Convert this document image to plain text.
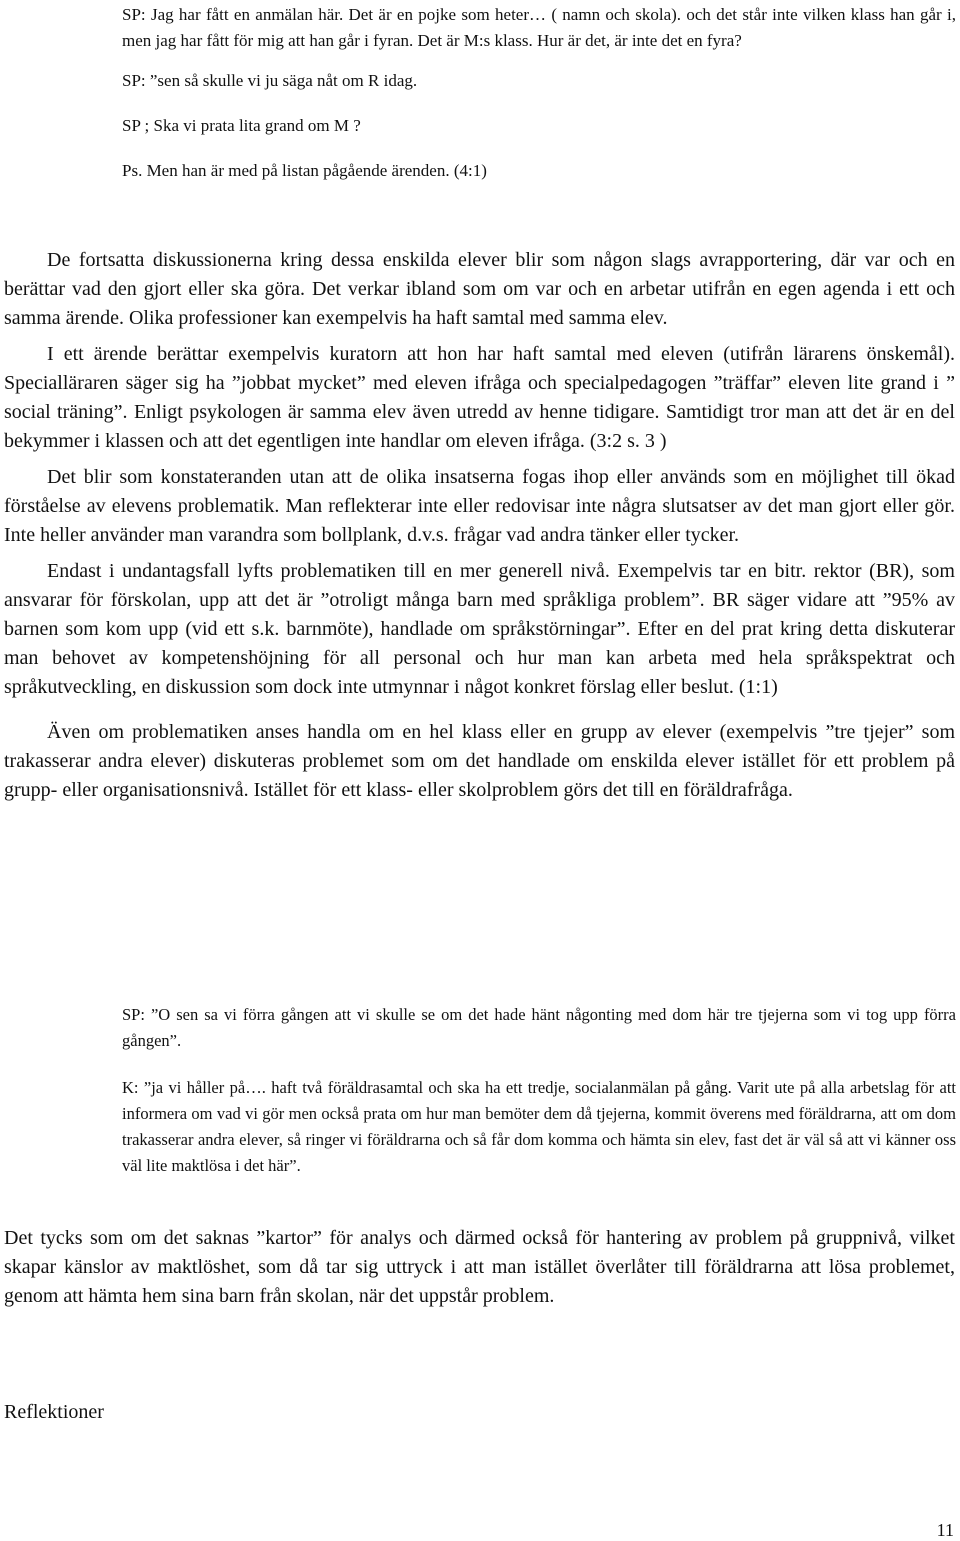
SP: Jag har fått en anmälan här. Det är en pojke som heter… ( namn och skola). och det står inte vilken klass han går i, men jag har fått för mig att han går i fyran. Det är M:s klass. Hur är det, är inte det en fyra?

SP: ”sen så skulle vi ju säga nåt om R idag.

SP ; Ska vi prata lita grand om M ?

Ps. Men han är med på listan pågående ärenden. (4:1)

De fortsatta diskussionerna kring dessa enskilda elever blir som någon slags avrapportering, där var och en berättar vad den gjort eller ska göra. Det verkar ibland som om var och en arbetar utifrån en egen agenda i ett och samma ärende. Olika professioner kan exempelvis ha haft samtal med samma elev.

I ett ärende berättar exempelvis kuratorn att hon har haft samtal med eleven (utifrån lärarens önskemål). Specialläraren säger sig ha ”jobbat mycket” med eleven ifråga och specialpedagogen ”träffar” eleven lite grand i ” social träning”. Enligt psykologen är samma elev även utredd av henne tidigare. Samtidigt tror man att det är en del bekymmer i klassen och att det egentligen inte handlar om eleven ifråga. (3:2 s. 3 )

Det blir som konstateranden utan att de olika insatserna fogas ihop eller används som en möjlighet till ökad förståelse av elevens problematik. Man reflekterar inte eller redovisar inte några slutsatser av det man gjort eller gör. Inte heller använder man varandra som bollplank, d.v.s. frågar vad andra tänker eller tycker.

Endast i undantagsfall lyfts problematiken till en mer generell nivå. Exempelvis tar en bitr. rektor (BR), som ansvarar för förskolan, upp att det är ”otroligt många barn med språkliga problem”. BR säger vidare att ”95% av barnen som kom upp (vid ett s.k. barnmöte), handlade om språkstörningar”. Efter en del prat kring detta diskuterar man behovet av kompetenshöjning för all personal och hur man kan arbeta med hela språkspektrat och språkutveckling, en diskussion som dock inte utmynnar i något konkret förslag eller beslut. (1:1)

Även om problematiken anses handla om en hel klass eller en grupp av elever (exempelvis ”tre tjejer” som trakasserar andra elever) diskuteras problemet som om det handlade om enskilda elever istället för ett problem på grupp- eller organisationsnivå. Istället för ett klass- eller skolproblem görs det till en föräldrafråga.

SP: ”O sen sa vi förra gången att vi skulle se om det hade hänt någonting med dom här tre tjejerna som vi tog upp förra gången”.

K: ”ja vi håller på…. haft två föräldrasamtal och ska ha ett tredje, socialanmälan på gång. Varit ute på alla arbetslag för att informera om vad vi gör men också prata om hur man bemöter dem då tjejerna, kommit överens med föräldrarna, att om dom trakasserar andra elever, så ringer vi föräldrarna och så får dom komma och hämta sin elev, fast det är väl så att vi känner oss väl lite maktlösa i det här”.

Det tycks som om det saknas ”kartor” för analys och därmed också för hantering av problem på gruppnivå, vilket skapar känslor av maktlöshet, som då tar sig uttryck i att man istället överlåter till föräldrarna att lösa problemet, genom att hämta hem sina barn från skolan, när det uppstår problem.

Reflektioner
11
